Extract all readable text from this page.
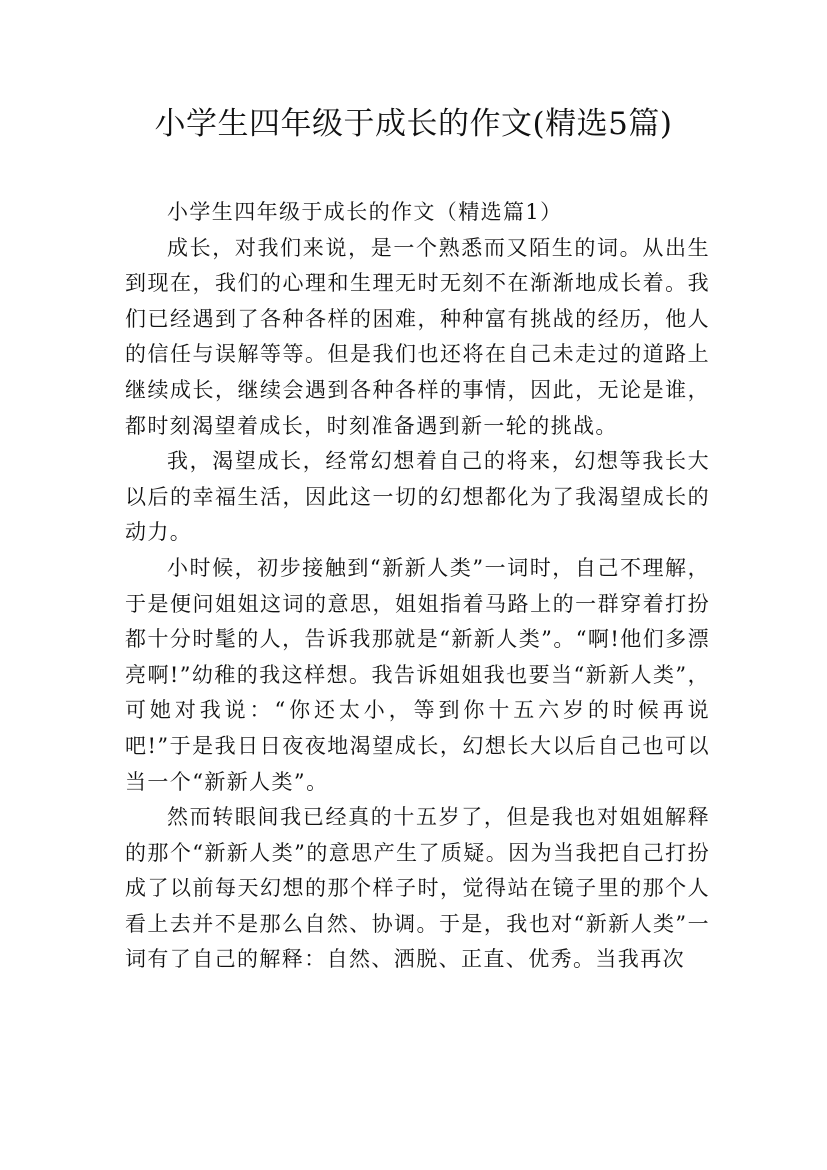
小学生四年级于成长的作文(精选5篇)

小学生四年级于成长的作文（精选篇1）

成长，对我们来说，是一个熟悉而又陌生的词。从出生到现在，我们的心理和生理无时无刻不在渐渐地成长着。我们已经遇到了各种各样的困难，种种富有挑战的经历，他人的信任与误解等等。但是我们也还将在自己未走过的道路上继续成长，继续会遇到各种各样的事情，因此，无论是谁，都时刻渴望着成长，时刻准备遇到新一轮的挑战。

我，渴望成长，经常幻想着自己的将来，幻想等我长大以后的幸福生活，因此这一切的幻想都化为了我渴望成长的动力。

小时候，初步接触到“新新人类”一词时，自己不理解，于是便问姐姐这词的意思，姐姐指着马路上的一群穿着打扮都十分时髦的人，告诉我那就是“新新人类”。“啊!他们多漂亮啊!”幼稚的我这样想。我告诉姐姐我也要当“新新人类”，可她对我说：“你还太小，等到你十五六岁的时候再说吧!”于是我日日夜夜地渴望成长，幻想长大以后自己也可以当一个“新新人类”。

然而转眼间我已经真的十五岁了，但是我也对姐姐解释的那个“新新人类”的意思产生了质疑。因为当我把自己打扮成了以前每天幻想的那个样子时，觉得站在镜子里的那个人看上去并不是那么自然、协调。于是，我也对“新新人类”一词有了自己的解释：自然、洒脱、正直、优秀。当我再次
